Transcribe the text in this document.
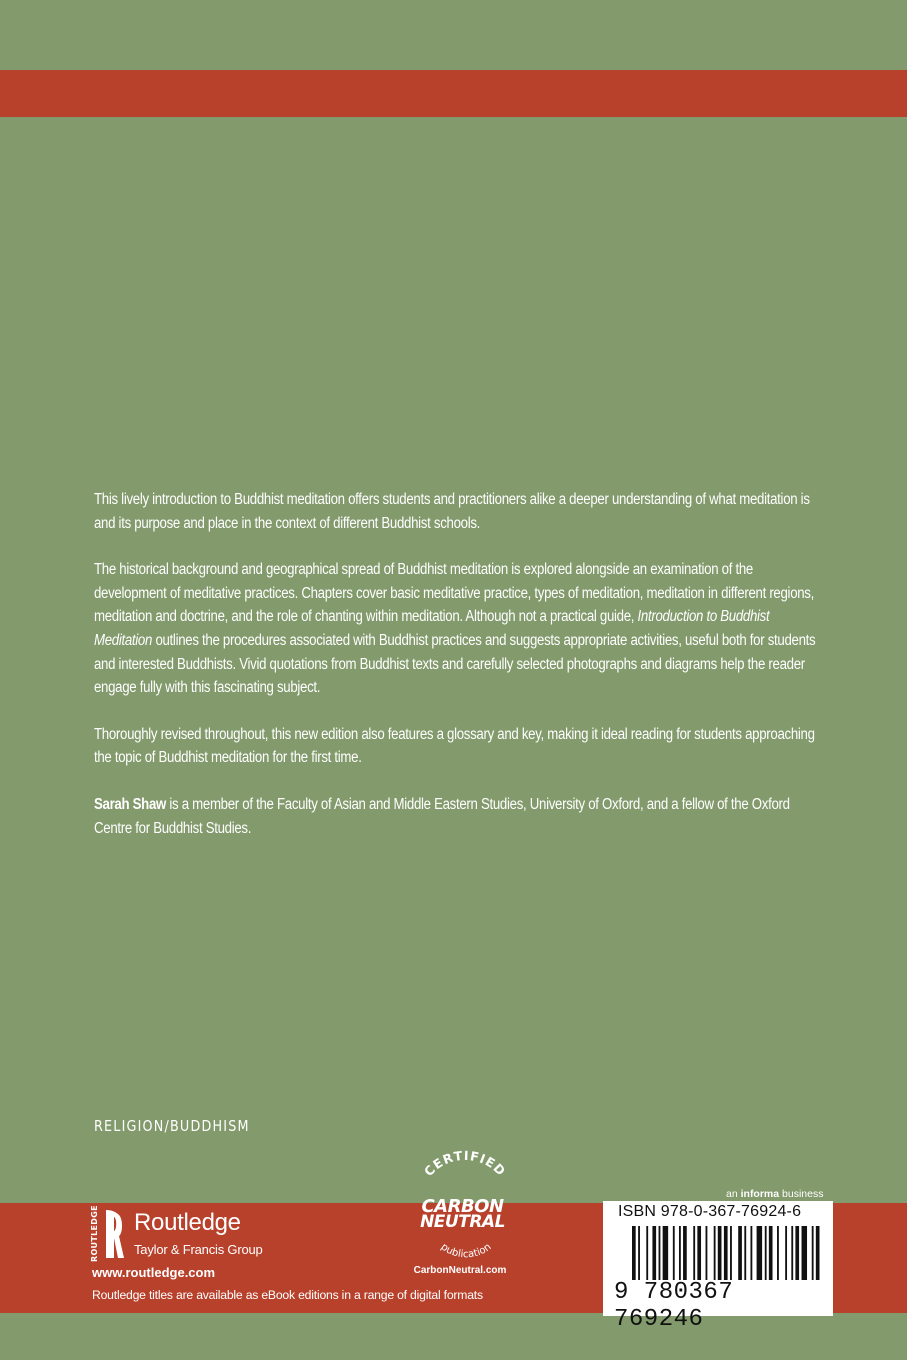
This lively introduction to Buddhist meditation offers students and practitioners alike a deeper understanding of what meditation is and its purpose and place in the context of different Buddhist schools.

The historical background and geographical spread of Buddhist meditation is explored alongside an examination of the development of meditative practices. Chapters cover basic meditative practice, types of meditation, meditation in different regions, meditation and doctrine, and the role of chanting within meditation. Although not a practical guide, Introduction to Buddhist Meditation outlines the procedures associated with Buddhist practices and suggests appropriate activities, useful both for students and interested Buddhists. Vivid quotations from Buddhist texts and carefully selected photographs and diagrams help the reader engage fully with this fascinating subject.

Thoroughly revised throughout, this new edition also features a glossary and key, making it ideal reading for students approaching the topic of Buddhist meditation for the first time.

Sarah Shaw is a member of the Faculty of Asian and Middle Eastern Studies, University of Oxford, and a fellow of the Oxford Centre for Buddhist Studies.

RELIGION/BUDDHISM
ROUTLEDGE Routledge
Taylor & Francis Group
www.routledge.com
Routledge titles are available as eBook editions in a range of digital formats
CERTIFIED
CARBON
NEUTRAL
publication
CarbonNeutral.com
an informa business
ISBN 978-0-367-76924-6
9 780367 769246
